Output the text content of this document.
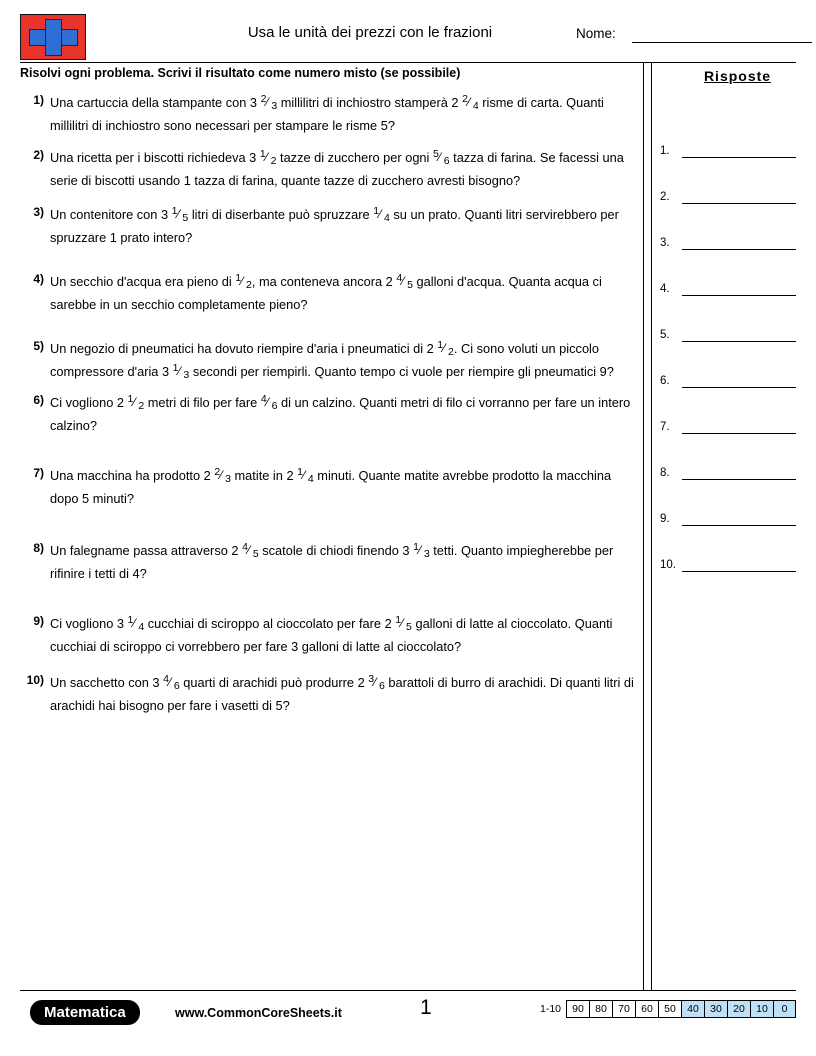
Usa le unità dei prezzi con le frazioni	Nome:
Risolvi ogni problema. Scrivi il risultato come numero misto (se possibile)	Risposte
1.
2.
3.
4.
5.
6.
7.
8.
9.
10.
1) Una cartuccia della stampante con 3 2⁄ 3 millilitri di inchiostro stamperà 2 2⁄ 4 risme di carta. Quanti millilitri di inchiostro sono necessari per stampare le risme 5?
2) Una ricetta per i biscotti richiedeva 3 1⁄ 2 tazze di zucchero per ogni 5⁄ 6 tazza di farina. Se facessi una serie di biscotti usando 1 tazza di farina, quante tazze di zucchero avresti bisogno?
3) Un contenitore con 3 1⁄ 5 litri di diserbante può spruzzare 1⁄ 4 su un prato. Quanti litri servirebbero per spruzzare 1 prato intero?
4) Un secchio d'acqua era pieno di 1⁄ 2, ma conteneva ancora 2 4⁄ 5 galloni d'acqua. Quanta acqua ci sarebbe in un secchio completamente pieno?
5) Un negozio di pneumatici ha dovuto riempire d'aria i pneumatici di 2 1⁄ 2. Ci sono voluti un piccolo compressore d'aria 3 1⁄ 3 secondi per riempirli. Quanto tempo ci vuole per riempire gli pneumatici 9?
6) Ci vogliono 2 1⁄ 2 metri di filo per fare 4⁄ 6 di un calzino. Quanti metri di filo ci vorranno per fare un intero calzino?
7) Una macchina ha prodotto 2 2⁄ 3 matite in 2 1⁄ 4 minuti. Quante matite avrebbe prodotto la macchina dopo 5 minuti?
8) Un falegname passa attraverso 2 4⁄ 5 scatole di chiodi finendo 3 1⁄ 3 tetti. Quanto impiegherebbe per rifinire i tetti di 4?
9) Ci vogliono 3 1⁄ 4 cucchiai di sciroppo al cioccolato per fare 2 1⁄ 5 galloni di latte al cioccolato. Quanti cucchiai di sciroppo ci vorrebbero per fare 3 galloni di latte al cioccolato?
10) Un sacchetto con 3 4⁄ 6 quarti di arachidi può produrre 2 3⁄ 6 barattoli di burro di arachidi. Di quanti litri di arachidi hai bisogno per fare i vasetti di 5?
Matematica	www.CommonCoreSheets.it	1	1-10	90	80	70	60	50	40	30	20	10	0
